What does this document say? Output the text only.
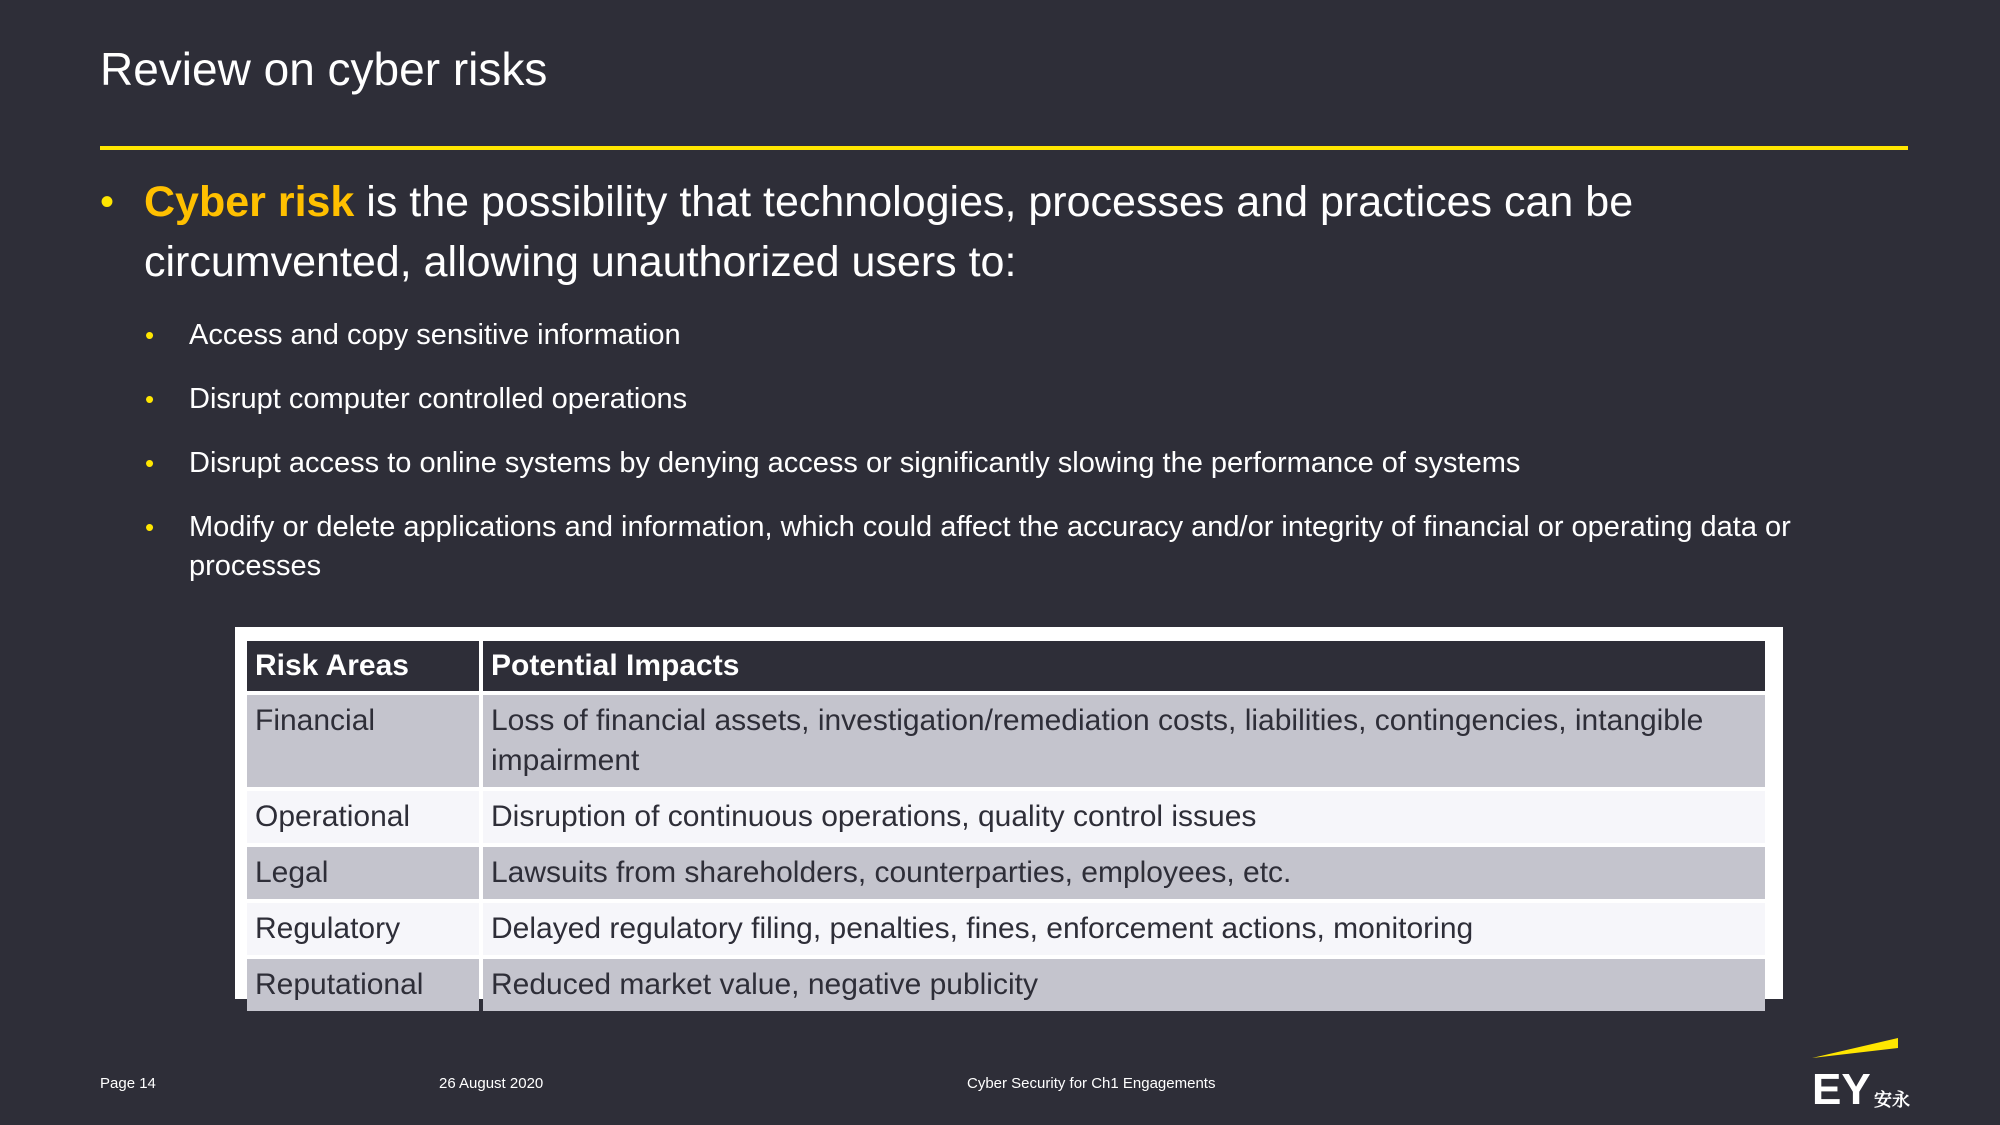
Review on cyber risks
• Cyber risk is the possibility that technologies, processes and practices can be circumvented, allowing unauthorized users to:
• Access and copy sensitive information
• Disrupt computer controlled operations
• Disrupt access to online systems by denying access or significantly slowing the performance of systems
• Modify or delete applications and information, which could affect the accuracy and/or integrity of financial or operating data or processes
Risk Areas	Potential Impacts
Financial	Loss of financial assets, investigation/remediation costs, liabilities, contingencies, intangible impairment
Operational	Disruption of continuous operations, quality control issues
Legal	Lawsuits from shareholders, counterparties, employees, etc.
Regulatory	Delayed regulatory filing, penalties, fines, enforcement actions, monitoring
Reputational	Reduced market value, negative publicity
Page 14	26 August 2020	Cyber Security for Ch1 Engagements	EY 安永
